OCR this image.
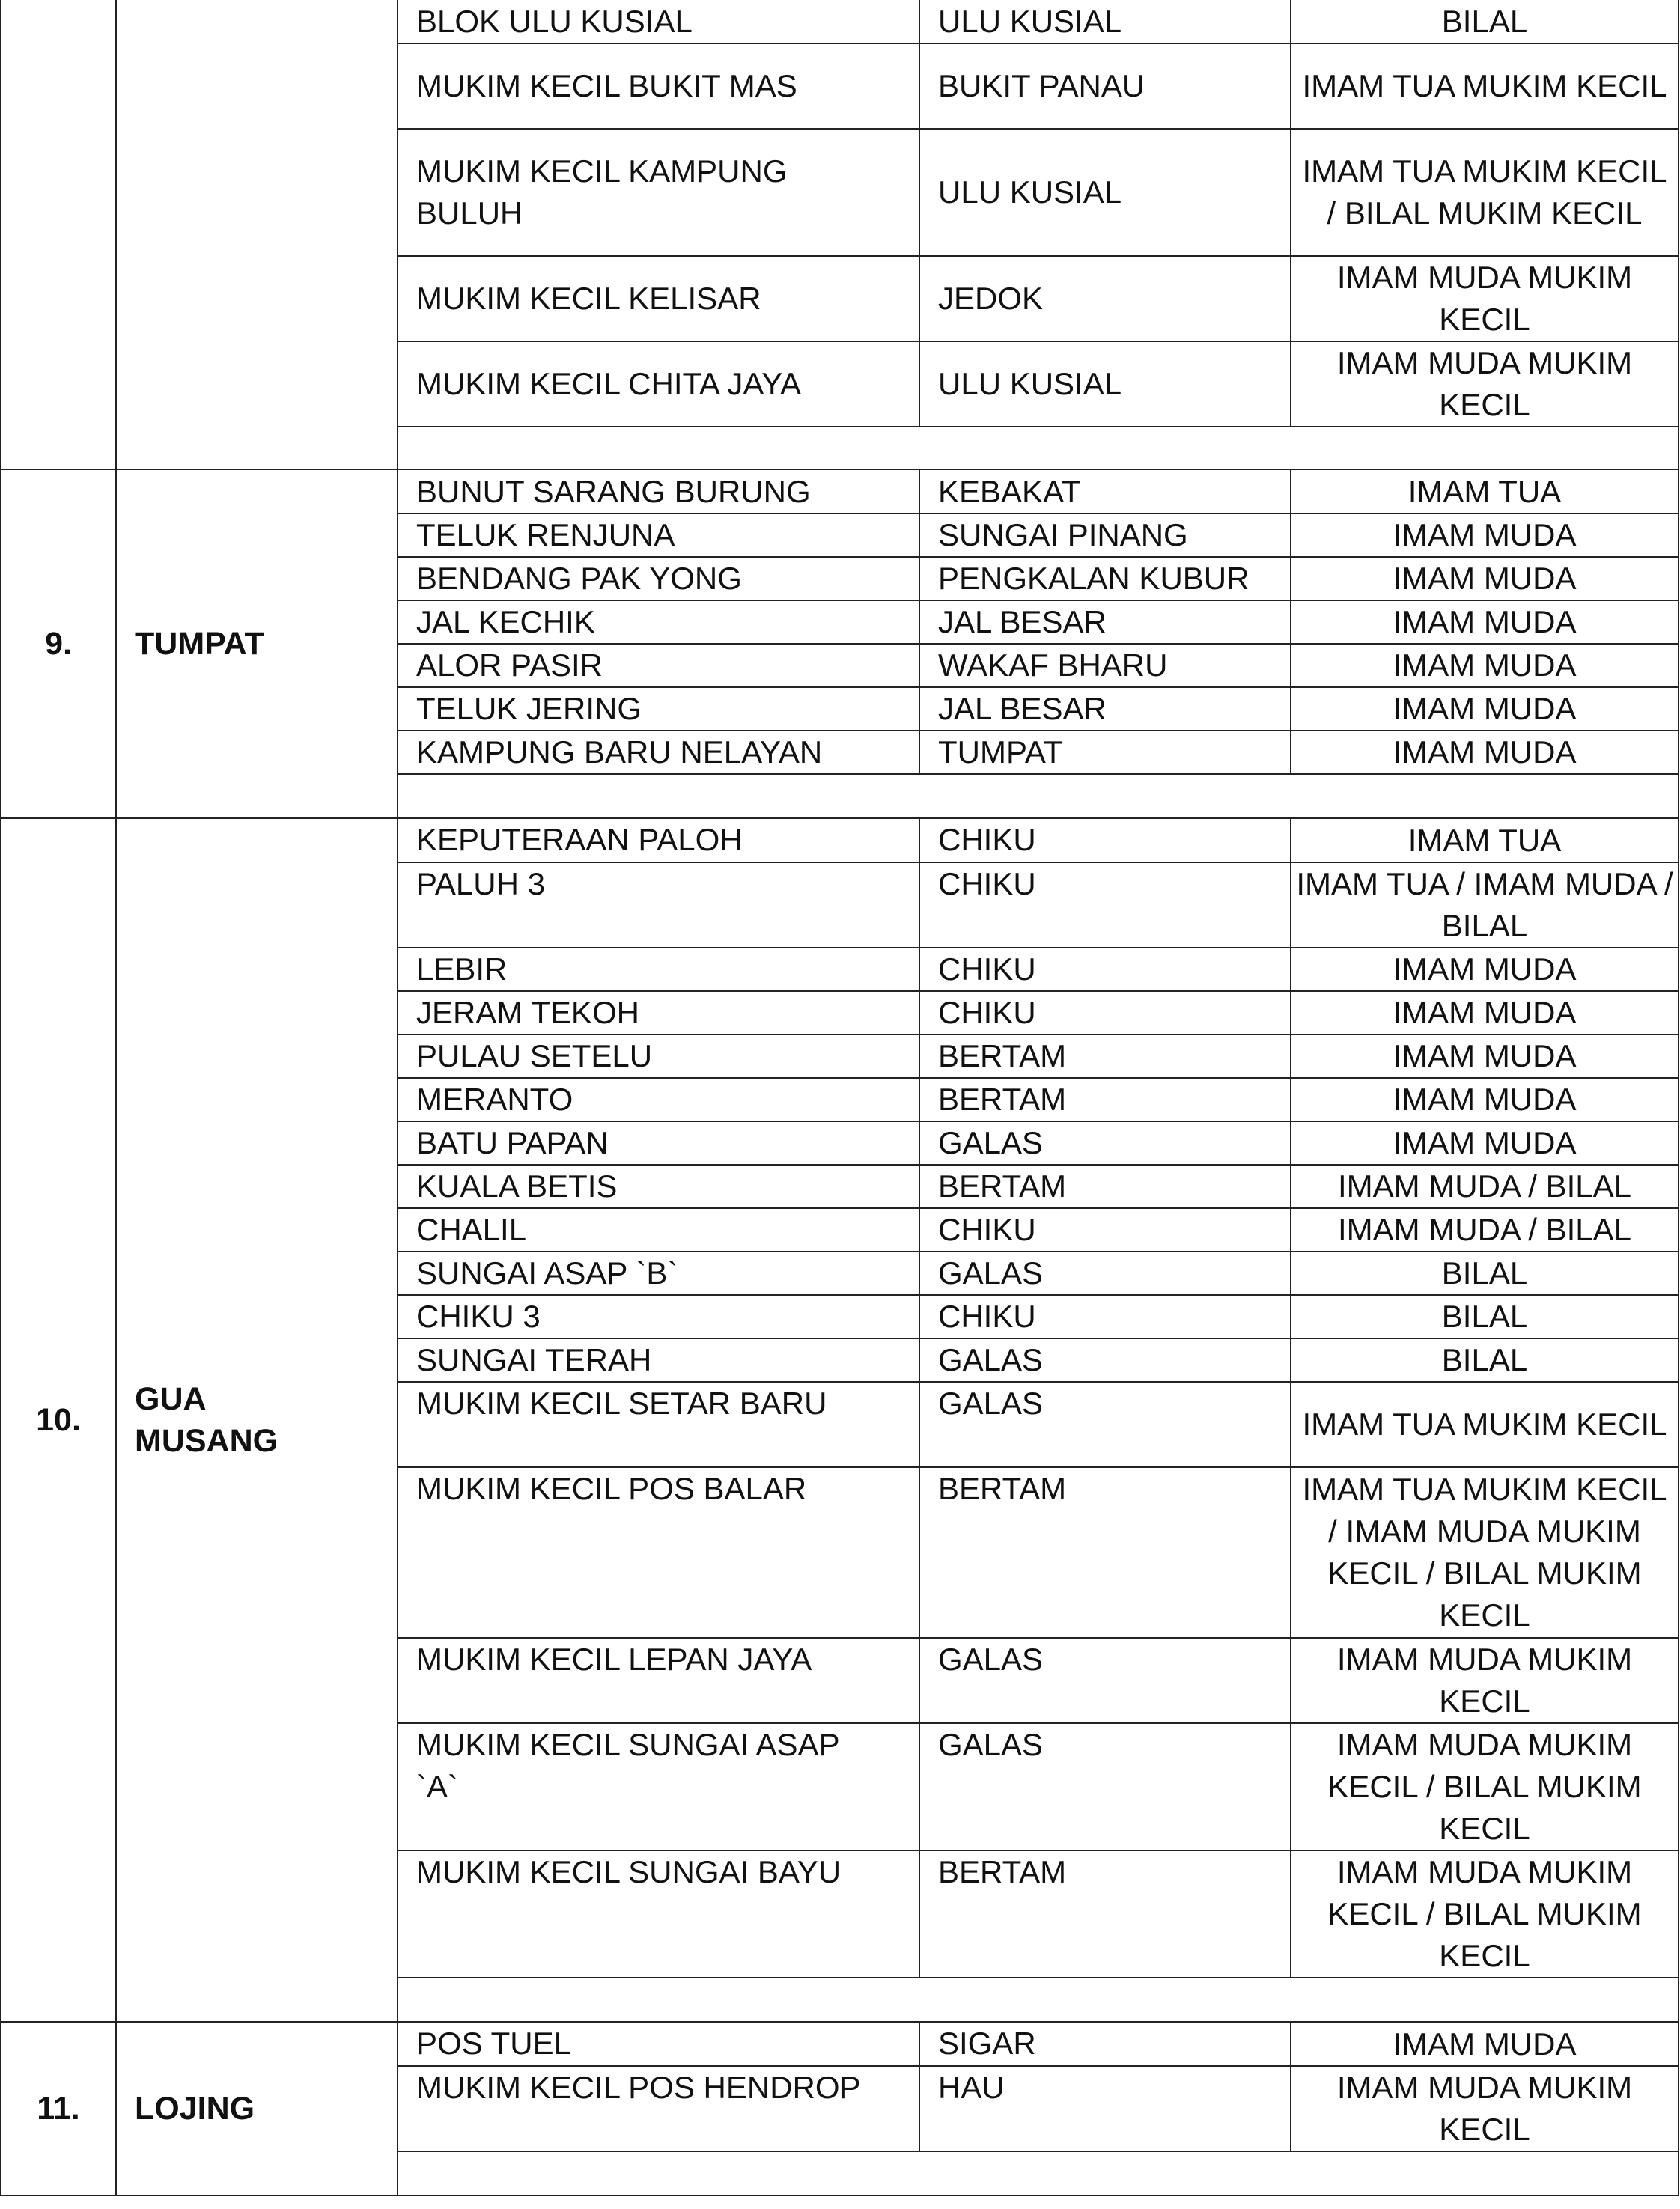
BLOK ULU KUSIAL	ULU KUSIAL	BILAL
MUKIM KECIL BUKIT MAS	BUKIT PANAU	IMAM TUA MUKIM KECIL
MUKIM KECIL KAMPUNG BULUH	ULU KUSIAL	IMAM TUA MUKIM KECIL / BILAL MUKIM KECIL
MUKIM KECIL KELISAR	JEDOK	IMAM MUDA MUKIM KECIL
MUKIM KECIL CHITA JAYA	ULU KUSIAL	IMAM MUDA MUKIM KECIL

9.	TUMPAT	
BUNUT SARANG BURUNG	KEBAKAT	IMAM TUA
TELUK RENJUNA	SUNGAI PINANG	IMAM MUDA
BENDANG PAK YONG	PENGKALAN KUBUR	IMAM MUDA
JAL KECHIK	JAL BESAR	IMAM MUDA
ALOR PASIR	WAKAF BHARU	IMAM MUDA
TELUK JERING	JAL BESAR	IMAM MUDA
KAMPUNG BARU NELAYAN	TUMPAT	IMAM MUDA

10.	GUA MUSANG	
KEPUTERAAN PALOH	CHIKU	IMAM TUA
PALUH 3	CHIKU	IMAM TUA / IMAM MUDA / BILAL
LEBIR	CHIKU	IMAM MUDA
JERAM TEKOH	CHIKU	IMAM MUDA
PULAU SETELU	BERTAM	IMAM MUDA
MERANTO	BERTAM	IMAM MUDA
BATU PAPAN	GALAS	IMAM MUDA
KUALA BETIS	BERTAM	IMAM MUDA / BILAL
CHALIL	CHIKU	IMAM MUDA / BILAL
SUNGAI ASAP `B`	GALAS	BILAL
CHIKU 3	CHIKU	BILAL
SUNGAI TERAH	GALAS	BILAL
MUKIM KECIL SETAR BARU	GALAS	IMAM TUA MUKIM KECIL
MUKIM KECIL POS BALAR	BERTAM	IMAM TUA MUKIM KECIL / IMAM MUDA MUKIM KECIL / BILAL MUKIM KECIL
MUKIM KECIL LEPAN JAYA	GALAS	IMAM MUDA MUKIM KECIL
MUKIM KECIL SUNGAI ASAP `A`	GALAS	IMAM MUDA MUKIM KECIL / BILAL MUKIM KECIL
MUKIM KECIL SUNGAI BAYU	BERTAM	IMAM MUDA MUKIM KECIL / BILAL MUKIM KECIL

11.	LOJING	
POS TUEL	SIGAR	IMAM MUDA
MUKIM KECIL POS HENDROP	HAU	IMAM MUDA MUKIM KECIL
